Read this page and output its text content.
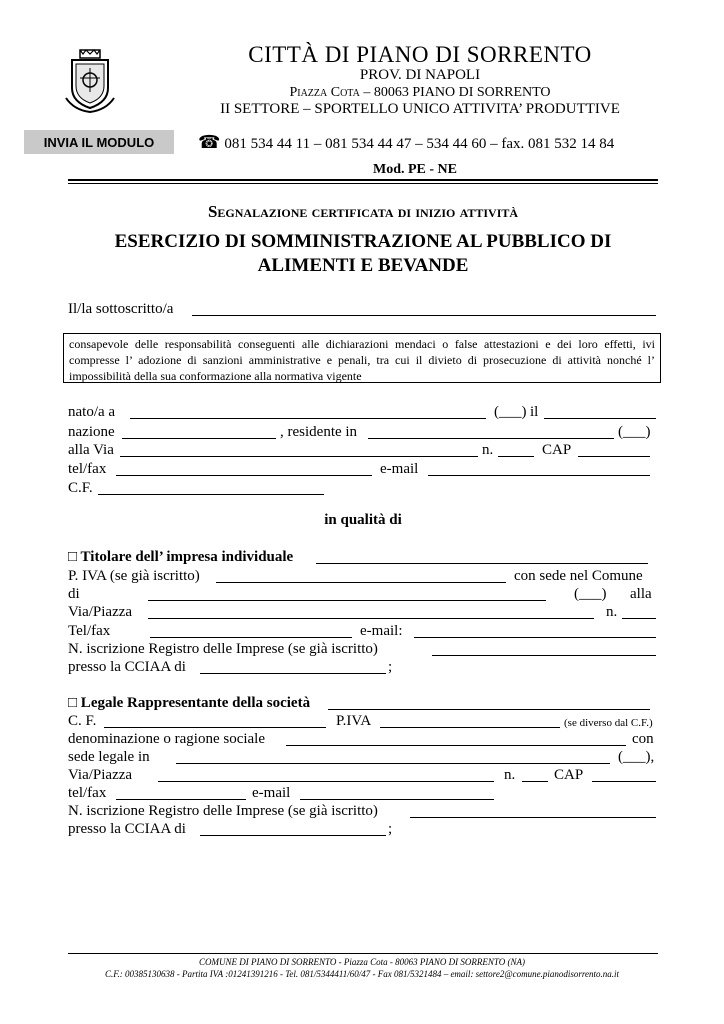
CITTÀ DI PIANO DI SORRENTO
PROV. DI NAPOLI
Piazza Cota – 80063 PIANO DI SORRENTO
II SETTORE – SPORTELLO UNICO ATTIVITA’ PRODUTTIVE
INVIA IL MODULO	☎ 081 534 44 11 – 081 534 44 47 – 534 44 60 – fax. 081 532 14 84
Mod. PE - NE
Segnalazione certificata di inizio attività
ESERCIZIO DI SOMMINISTRAZIONE AL PUBBLICO DI ALIMENTI E BEVANDE
Il/la sottoscritto/a
consapevole delle responsabilità conseguenti alle dichiarazioni mendaci o false attestazioni e dei loro effetti, ivi compresse l’ adozione di sanzioni amministrative e penali, tra cui il divieto di prosecuzione di attività nonché l’ impossibilità della sua conformazione alla normativa vigente
nato/a a	(___) il
nazione	, residente in	(___)
alla Via	n.	CAP
tel/fax	e-mail
C.F.
in qualità di
□ Titolare dell’ impresa individuale
P. IVA (se già iscritto)	con sede nel Comune
di	(___) alla
Via/Piazza	n.
Tel/fax	e-mail:
N. iscrizione Registro delle Imprese (se già iscritto)
presso la CCIAA di	;
□ Legale Rappresentante della società
C. F.	P.IVA	(se diverso dal C.F.)
denominazione o ragione sociale	con
sede legale in	(___),
Via/Piazza	n.	CAP
tel/fax	e-mail
N. iscrizione Registro delle Imprese (se già iscritto)
presso la CCIAA di	;
COMUNE DI PIANO DI SORRENTO - Piazza Cota - 80063 PIANO DI SORRENTO (NA)
C.F.: 00385130638 - Partita IVA :01241391216 - Tel. 081/5344411/60/47 - Fax 081/5321484 – email: settore2@comune.pianodisorrento.na.it
